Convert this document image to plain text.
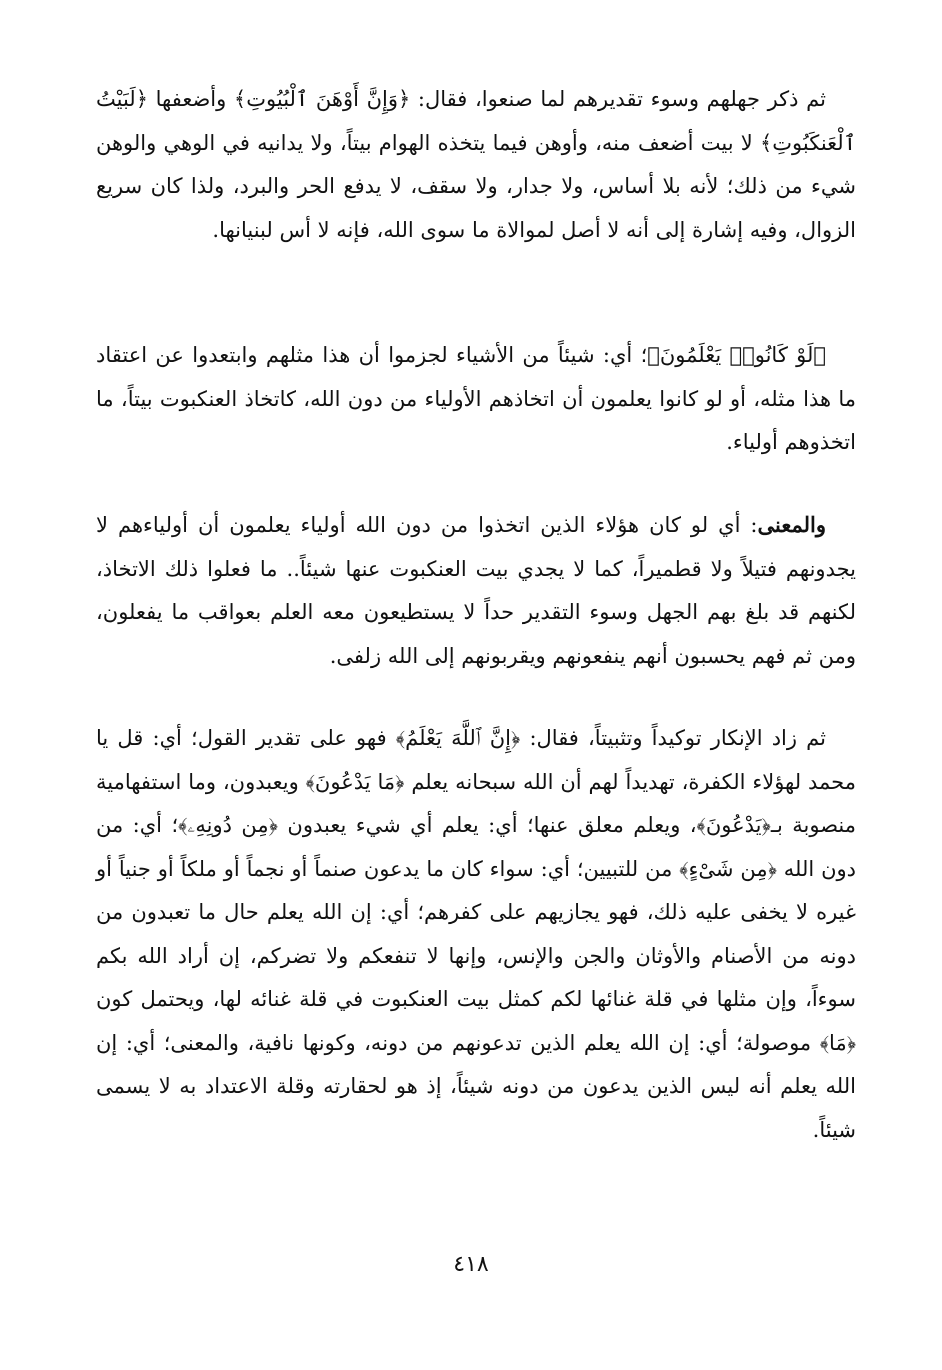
ثم ذكر جهلهم وسوء تقديرهم لما صنعوا، فقال: ﴿وَإِنَّ أَوْهَنَ ٱلْبُيُوتِ﴾ وأضعفها ﴿لَبَيْتُ ٱلْعَنكَبُوتِ﴾ لا بيت أضعف منه، وأوهن فيما يتخذه الهوام بيتاً، ولا يدانيه في الوهي والوهن شيء من ذلك؛ لأنه بلا أساس، ولا جدار، ولا سقف، لا يدفع الحر والبرد، ولذا كان سريع الزوال، وفيه إشارة إلى أنه لا أصل لموالاة ما سوى الله، فإنه لا أس لبنيانها.
﴿لَوْ كَانُوا۟ يَعْلَمُونَ﴾؛ أي: شيئاً من الأشياء لجزموا أن هذا مثلهم وابتعدوا عن اعتقاد ما هذا مثله، أو لو كانوا يعلمون أن اتخاذهم الأولياء من دون الله، كاتخاذ العنكبوت بيتاً، ما اتخذوهم أولياء.
والمعنى: أي لو كان هؤلاء الذين اتخذوا من دون الله أولياء يعلمون أن أولياءهم لا يجدونهم فتيلاً ولا قطميراً، كما لا يجدي بيت العنكبوت عنها شيئاً.. ما فعلوا ذلك الاتخاذ، لكنهم قد بلغ بهم الجهل وسوء التقدير حداً لا يستطيعون معه العلم بعواقب ما يفعلون، ومن ثم فهم يحسبون أنهم ينفعونهم ويقربونهم إلى الله زلفى.
ثم زاد الإنكار توكيداً وتثبيتاً، فقال: ﴿إِنَّ ٱللَّهَ يَعْلَمُ﴾ فهو على تقدير القول؛ أي: قل يا محمد لهؤلاء الكفرة، تهديداً لهم أن الله سبحانه يعلم ﴿مَا يَدْعُونَ﴾ ويعبدون، وما استفهامية منصوبة بـ﴿يَدْعُونَ﴾، ويعلم معلق عنها؛ أي: يعلم أي شيء يعبدون ﴿مِن دُونِهِۦ﴾؛ أي: من دون الله ﴿مِن شَىْءٍ﴾ من للتبيين؛ أي: سواء كان ما يدعون صنماً أو نجماً أو ملكاً أو جنياً أو غيره لا يخفى عليه ذلك، فهو يجازيهم على كفرهم؛ أي: إن الله يعلم حال ما تعبدون من دونه من الأصنام والأوثان والجن والإنس، وإنها لا تنفعكم ولا تضركم، إن أراد الله بكم سوءاً، وإن مثلها في قلة غنائها لكم كمثل بيت العنكبوت في قلة غنائه لها، ويحتمل كون ﴿مَا﴾ موصولة؛ أي: إن الله يعلم الذين تدعونهم من دونه، وكونها نافية، والمعنى؛ أي: إن الله يعلم أنه ليس الذين يدعون من دونه شيئاً، إذ هو لحقارته وقلة الاعتداد به لا يسمى شيئاً.
٤١٨
